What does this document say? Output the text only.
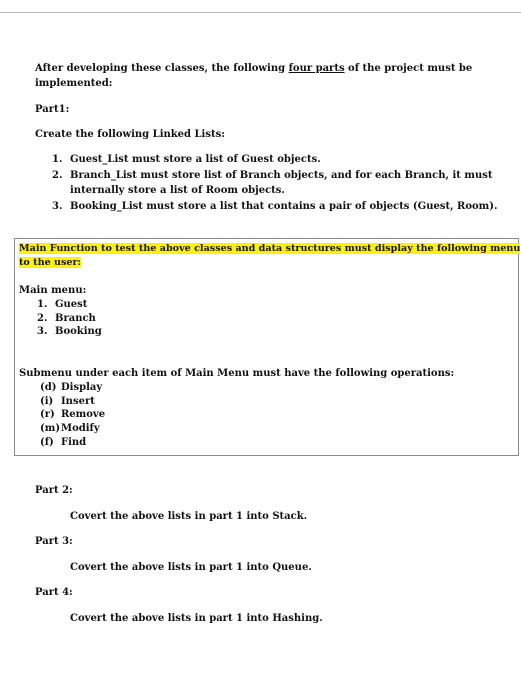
After developing these classes, the following four parts of the project must be
implemented:
Part1:
Create the following Linked Lists:
1. Guest_List must store a list of Guest objects.
2. Branch_List must store list of Branch objects, and for each Branch, it must
internally store a list of Room objects.
3. Booking_List must store a list that contains a pair of objects (Guest, Room).
Main Function to test the above classes and data structures must display the following menu
to the user:
Main menu:
1. Guest
2. Branch
3. Booking
Submenu under each item of Main Menu must have the following operations:
(d) Display
(i) Insert
(r) Remove
(m) Modify
(f) Find
Part 2:
Covert the above lists in part 1 into Stack.
Part 3:
Covert the above lists in part 1 into Queue.
Part 4:
Covert the above lists in part 1 into Hashing.
